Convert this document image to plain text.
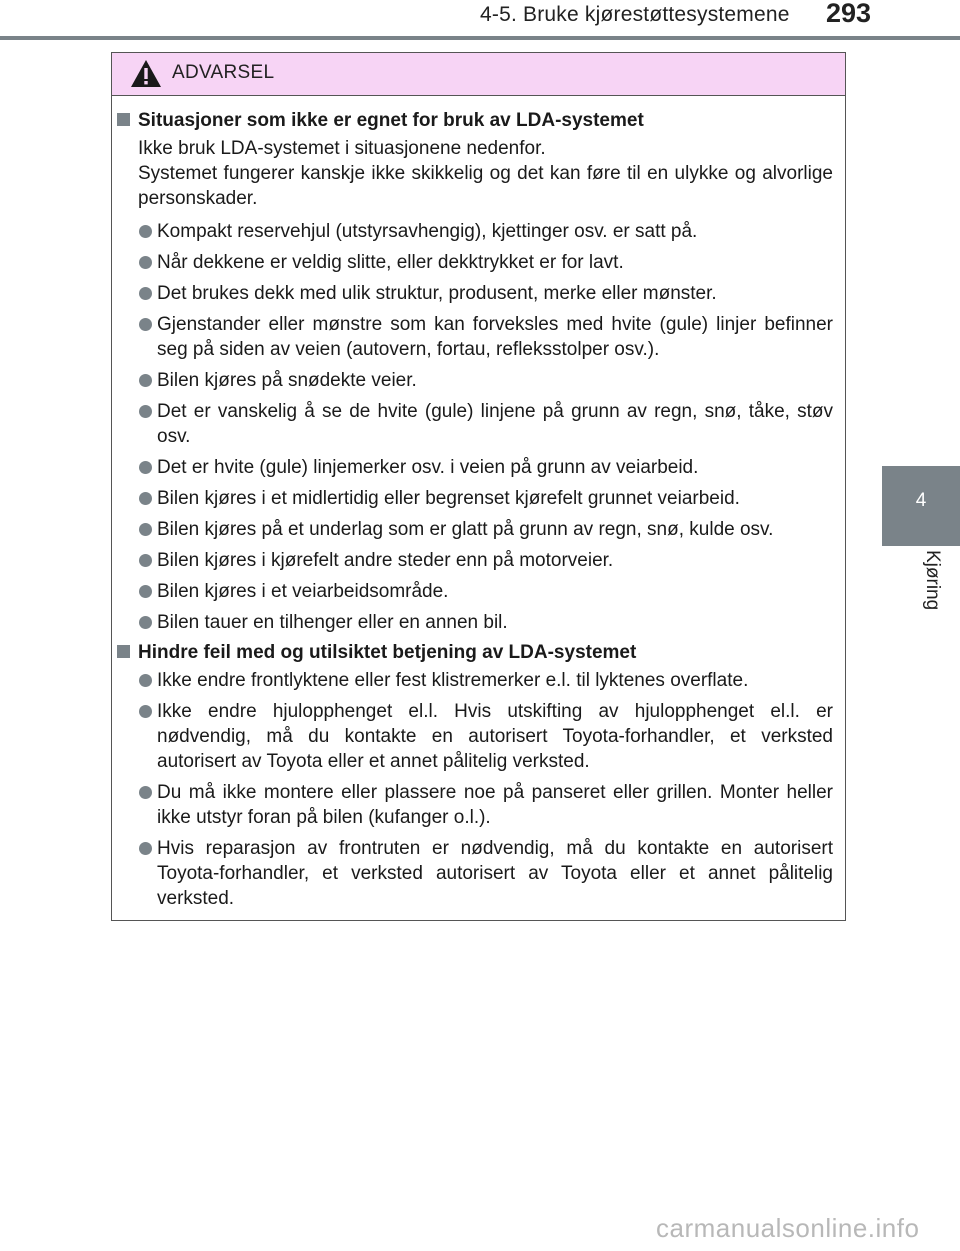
4-5. Bruke kjørestøttesystemene 293
4
Kjøring
ADVARSEL
Situasjoner som ikke er egnet for bruk av LDA-systemet
Ikke bruk LDA-systemet i situasjonene nedenfor.
Systemet fungerer kanskje ikke skikkelig og det kan føre til en ulykke og alvorlige personskader.
Kompakt reservehjul (utstyrsavhengig), kjettinger osv. er satt på.
Når dekkene er veldig slitte, eller dekktrykket er for lavt.
Det brukes dekk med ulik struktur, produsent, merke eller mønster.
Gjenstander eller mønstre som kan forveksles med hvite (gule) linjer befinner seg på siden av veien (autovern, fortau, refleksstolper osv.).
Bilen kjøres på snødekte veier.
Det er vanskelig å se de hvite (gule) linjene på grunn av regn, snø, tåke, støv osv.
Det er hvite (gule) linjemerker osv. i veien på grunn av veiarbeid.
Bilen kjøres i et midlertidig eller begrenset kjørefelt grunnet veiarbeid.
Bilen kjøres på et underlag som er glatt på grunn av regn, snø, kulde osv.
Bilen kjøres i kjørefelt andre steder enn på motorveier.
Bilen kjøres i et veiarbeidsområde.
Bilen tauer en tilhenger eller en annen bil.
Hindre feil med og utilsiktet betjening av LDA-systemet
Ikke endre frontlyktene eller fest klistremerker e.l. til lyktenes overflate.
Ikke endre hjulopphenget el.l. Hvis utskifting av hjulopphenget el.l. er nødvendig, må du kontakte en autorisert Toyota-forhandler, et verksted autorisert av Toyota eller et annet pålitelig verksted.
Du må ikke montere eller plassere noe på panseret eller grillen. Monter heller ikke utstyr foran på bilen (kufanger o.l.).
Hvis reparasjon av frontruten er nødvendig, må du kontakte en autorisert Toyota-forhandler, et verksted autorisert av Toyota eller et annet pålitelig verksted.
carmanualsonline.info
